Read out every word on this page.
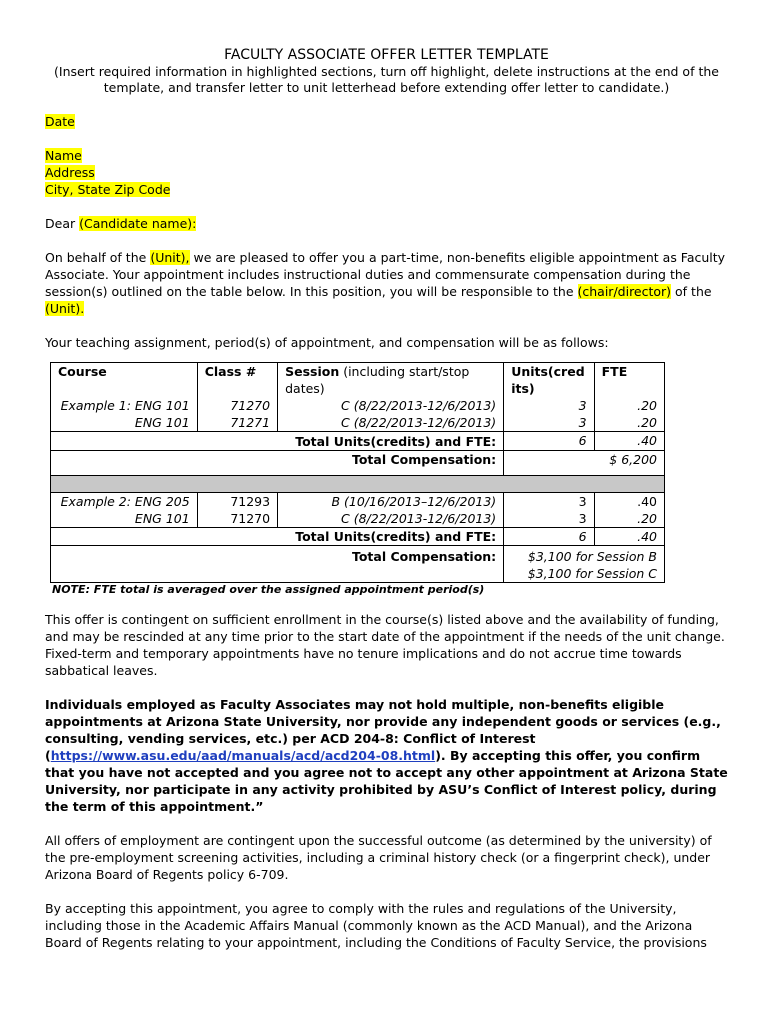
FACULTY ASSOCIATE OFFER LETTER TEMPLATE
(Insert required information in highlighted sections, turn off highlight, delete instructions at the end of the template, and transfer letter to unit letterhead before extending offer letter to candidate.)

Date

Name

Address

City, State Zip Code

Dear (Candidate name):

On behalf of the (Unit), we are pleased to offer you a part-time, non-benefits eligible appointment as Faculty Associate. Your appointment includes instructional duties and commensurate compensation during the session(s) outlined on the table below. In this position, you will be responsible to the (chair/director) of the (Unit).

Your teaching assignment, period(s) of appointment, and compensation will be as follows:

Course	Class #	Session (including start/stop dates)	Units(credits)	FTE
Example 1: ENG 101	71270	C (8/22/2013-12/6/2013)	3	.20
ENG 101	71271	C (8/22/2013-12/6/2013)	3	.20
Total Units(credits) and FTE:			6	.40
Total Compensation:			$ 6,200	

Example 2: ENG 205	71293	B (10/16/2013–12/6/2013)	3	.40
ENG 101	71270	C (8/22/2013-12/6/2013)	3	.20
Total Units(credits) and FTE:			6	.40
Total Compensation:			$3,100 for Session B
$3,100 for Session C	
NOTE: FTE total is averaged over the assigned appointment period(s)

This offer is contingent on sufficient enrollment in the course(s) listed above and the availability of funding, and may be rescinded at any time prior to the start date of the appointment if the needs of the unit change. Fixed-term and temporary appointments have no tenure implications and do not accrue time towards sabbatical leaves.

Individuals employed as Faculty Associates may not hold multiple, non-benefits eligible appointments at Arizona State University, nor provide any independent goods or services (e.g., consulting, vending services, etc.) per ACD 204-8: Conflict of Interest (https://www.asu.edu/aad/manuals/acd/acd204-08.html). By accepting this offer, you confirm that you have not accepted and you agree not to accept any other appointment at Arizona State University, nor participate in any activity prohibited by ASU’s Conflict of Interest policy, during the term of this appointment.”

All offers of employment are contingent upon the successful outcome (as determined by the university) of the pre-employment screening activities, including a criminal history check (or a fingerprint check), under Arizona Board of Regents policy 6-709.

By accepting this appointment, you agree to comply with the rules and regulations of the University, including those in the Academic Affairs Manual (commonly known as the ACD Manual), and the Arizona Board of Regents relating to your appointment, including the Conditions of Faculty Service, the provisions
